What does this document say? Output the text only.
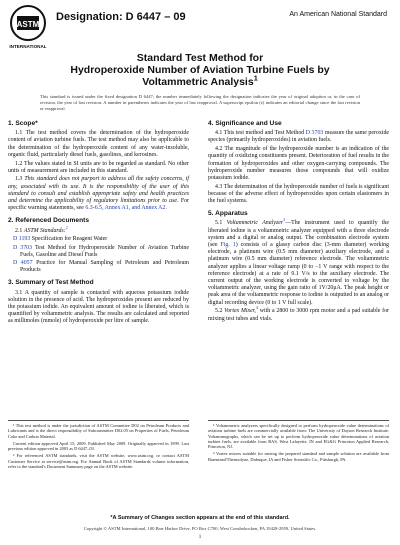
ASTM
INTERNATIONAL
Designation: D 6447 – 09	An American National Standard
Standard Test Method for
Hydroperoxide Number of Aviation Turbine Fuels by
Voltammetric Analysis$^1$
This standard is issued under the fixed designation D 6447; the number immediately following the designation indicates the year of original adoption or, in the case of revision, the year of last revision. A number in parentheses indicates the year of last reapproval. A superscript epsilon (ε) indicates an editorial change since the last revision or reapproval.
1. Scope*

1.1 The test method covers the determination of the hydroperoxide content of aviation turbine fuels. The test method may also be applicable to the determination of the hydroperoxide content of any water-insoluble, organic fluid, particularly diesel fuels, gasolines, and kerosines.

1.2 The values stated in SI units are to be regarded as standard. No other units of measurement are included in this standard.

1.3 This standard does not purport to address all the safety concerns, if any, associated with its use. It is the responsibility of the user of this standard to consult and establish appropriate safety and health practices and determine the applicability of regulatory limitations prior to use. For specific warning statements, see 6.3-6.5, Annex A1, and Annex A2.

2. Referenced Documents

2.1 ASTM Standards:$^2$

D 1193 Specification for Reagent Water
D 3703 Test Method for Hydroperoxide Number of Aviation Turbine Fuels, Gasoline and Diesel Fuels
D 4057 Practice for Manual Sampling of Petroleum and Petroleum Products
3. Summary of Test Method

3.1 A quantity of sample is contacted with aqueous potassium iodide solution in the presence of acid. The hydroperoxides present are reduced by the potassium iodide. An equivalent amount of iodine is liberated, which is quantified by voltammetric analysis. The results are calculated and reported as millimoles (mmole) of hydroperoxide per litre of sample.

4. Significance and Use

4.1 This test method and Test Method D 3703 measure the same peroxide species (primarily hydroperoxides) in aviation fuels.

4.2 The magnitude of the hydroperoxide number is an indication of the quantity of oxidizing constituents present. Deterioration of fuel results in the formation of hydroperoxides and other oxygen-carrying compounds. The hydroperoxide number measures those compounds that will oxidize potassium iodide.

4.3 The determination of the hydroperoxide number of fuels is significant because of the adverse effect of hydroperoxides upon certain elastomers in the fuel systems.

5. Apparatus

5.1 Voltammetric Analyzer$^3$—The instrument used to quantify the liberated iodine is a voltammetric analyzer equipped with a three electrode system and a digital or analog output. The combination electrode system (see Fig. 1) consists of a glassy carbon disc (3-mm diameter) working electrode, a platinum wire (0.5 mm diameter) auxiliary electrode, and a platinum wire (0.5 mm diameter) reference electrode. The voltammetric analyzer applies a linear voltage ramp (0 to −1 V range with respect to the reference electrode) at a rate of 0.1 V/s to the auxiliary electrode. The current output of the working electrode is converted to voltage by the voltammetric analyzer, using the gain ratio of 1V/20μA. The peak height or peak area of the voltammetric response to iodine is outputted to an analog or digital recording device (0 to 1 V full scale).

5.2 Vortex Mixer,$^4$ with a 2800 to 3000 rpm motor and a pad suitable for mixing test tubes and vials.

¹ This test method is under the jurisdiction of ASTM Committee D02 on Petroleum Products and Lubricants and is the direct responsibility of Subcommittee D02.05 on Properties of Fuels, Petroleum Coke and Carbon Material.

Current edition approved April 15, 2009. Published May 2009. Originally approved in 1999. Last previous edition approved in 2003 as D 6447–03.

² For referenced ASTM standards, visit the ASTM website, www.astm.org, or contact ASTM Customer Service at service@astm.org. For Annual Book of ASTM Standards volume information, refer to the standard's Document Summary page on the ASTM website.

³ Voltammetric analyzers specifically designed to perform hydroperoxide value determinations of aviation turbine fuels are commercially available from: The University of Dayton Research Institute. Voltammographs, which can be set up to perform hydroperoxide value determinations of aviation turbine fuels, are available from BAS, West Lafayette, IN and EG&G Princeton Applied Research, Princeton, NJ.

⁴ Vortex mixers suitable for mixing the prepared standard and sample solution are available from Barnstead/Thermolyne, Dubuque, IA and Fisher Scientific Co., Pittsburgh, PA.

*A Summary of Changes section appears at the end of this standard.
Copyright © ASTM International, 100 Barr Harbor Drive, PO Box C700, West Conshohocken, PA 19428-2959, United States.
1
